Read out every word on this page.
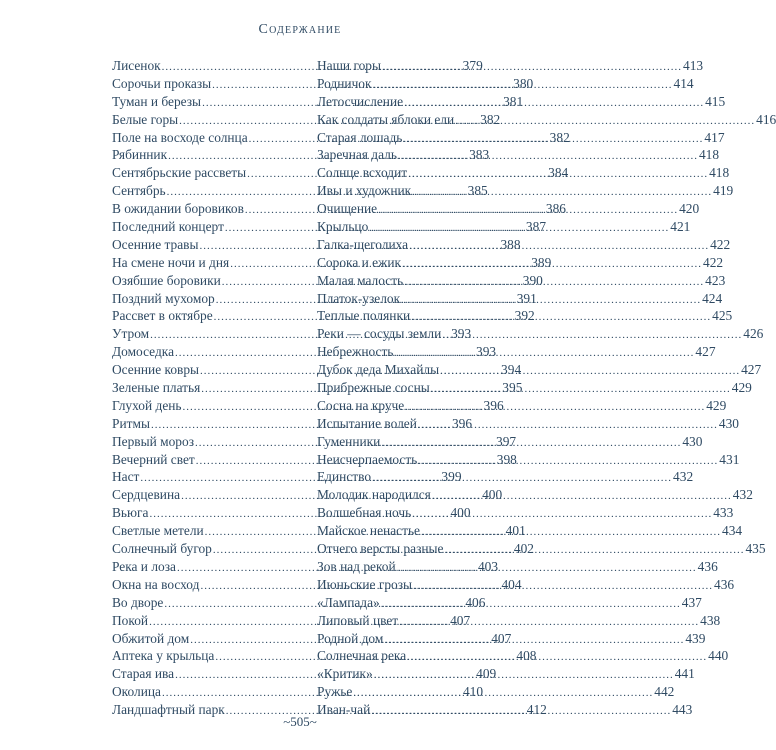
Содержание
Лисенок .....	379
Сорочьи проказы .....	380
Туман и березы .....	381
Белые горы .....	382
Поле на восходе солнца .....	382
Рябинник .....	383
Сентябрьские рассветы .....	384
Сентябрь .....	385
В ожидании боровиков .....	386
Последний концерт .....	387
Осенние травы .....	388
На смене ночи и дня .....	389
Озябшие боровики .....	390
Поздний мухомор .....	391
Рассвет в октябре .....	392
Утром .....	393
Домоседка .....	393
Осенние ковры .....	394
Зеленые платья .....	395
Глухой день .....	396
Ритмы .....	396
Первый мороз .....	397
Вечерний свет .....	398
Наст .....	399
Сердцевина .....	400
Вьюга .....	400
Светлые метели .....	401
Солнечный бугор .....	402
Река и лоза .....	403
Окна на восход .....	404
Во дворе .....	406
Покой .....	407
Обжитой дом .....	407
Аптека у крыльца .....	408
Старая ива .....	409
Околица .....	410
Ландшафтный парк .....	412
Наши горы .....	413
Родничок .....	414
Летосчисление .....	415
Как солдаты яблоки ели .....	416
Старая лошадь .....	417
Заречная даль .....	418
Солнце всходит .....	418
Ивы и художник .....	419
Очищение .....	420
Крыльцо .....	421
Галка-щеголиха .....	422
Сорока и ежик .....	422
Малая малость .....	423
Платок-узелок .....	424
Теплые полянки .....	425
Реки — сосуды земли .....	426
Небрежность .....	427
Дубок деда Михайлы .....	427
Прибрежные сосны .....	429
Сосна на круче .....	429
Испытание волей .....	430
Гуменники .....	430
Неисчерпаемость .....	431
Единство .....	432
Молодик народился .....	432
Волшебная ночь .....	433
Майское ненастье .....	434
Отчего версты разные .....	435
Зов над рекой .....	436
Июньские грозы .....	436
«Лампада» .....	437
Липовый цвет .....	438
Родной дом .....	439
Солнечная река .....	440
«Критик» .....	441
Ружье .....	442
Иван-чай .....	443
~505~
